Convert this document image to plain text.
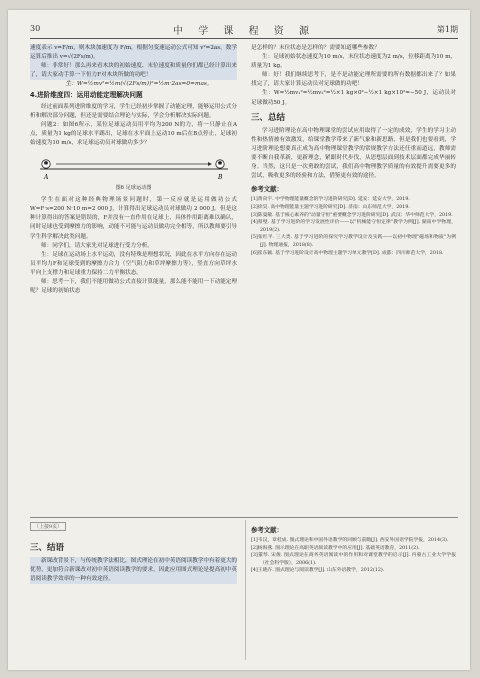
30	中 学 课 程 资 源	第1期

速度表示 v=F/m，则木块加速度为 F/m，根据匀变速运动公式可知 v²=2as，数学运算后推出 v=√(2Fs/m)。

师：非常好！那么再来看木块的初始速度、末位速度和质量你们都已经计算出来了，请大家动手算一下恒力F对木块所做的功吧！

生：W=½mv²=½m(√(2Fs/m))²=½m·2as=0=mas。

4.进阶维度四：运用动能定理解决问题

经过前面系列进阶维度的学习，学生已经初步掌握了动能定理，能够运用公式分析和解决部分问题，但还是需要结合理论与实际，学会分析解决实际问题。

问题2：如图6所示，某位足球运动员用平均为200 N的力，将一只静止在A点，质量为1 kg的足球水平踢出，足球在水平面上运动10 m后在B点停止，足球初始速度为10 m/s，求足球运动员对球做功多少？

A	B
图6 足球运动图

学生在面对这种经典物理场景问题时，第一反应就是运用做功公式 W=F·s=200 N·10 m=2 000 J，计算得出足球运动员对球做功 2 000 J。但是这种计算得出的答案是错误的，F并没有一直作用在足球上，具体作用距离难以确认，同时足球也受到摩擦力的影响，动能不可能与运动员做功完全相等，所以教师要引导学生科学解决此类问题。

师：同学们，请大家先对足球进行受力分析。

生：足球在运动场上水平运动，没有特殊是理想状况，因此在水平方向存在运动员平均力F和足球受到的摩擦力合力（空气阻力和草坪摩擦力等），竖直方向草坪水平向上支撑力和足球重力保持二力平衡状态。

师：思考一下，我们不能用做功公式直接计算能量，那么能不能用一下动能定理呢？足球的初始状态

是怎样的？末位状态是怎样的？需要知道哪些参数？

生：足球初始状态速度为10 m/s，末位状态速度为2 m/s，位移距离为10 m，质量为1 kg。

师：好！我们继续思考下，是不是动能定理所需要的所有数据都出来了？如果找完了，请大家计算运动员对足球做的功吧！

生：W=½mv₁²=½mv₂²=½×1 kg×0²−½×1 kg×10²=−50 J，运动员对足球做功50 J。

三、总结

学习进阶理论在高中物理课堂的尝试应用取得了一定的成效，学生的学习主动性和热情被有效激发，给课堂教学带来了新气象和新思路，但是我们也要看到，学习进阶理论想要真正成为高中物理课堂教学的常规教学方法还任重而道远，教师需要不断自我革新，更新理念，紧跟时代步伐，从思想层面到技术层面都完成华丽转身。当然，这只是一次勇敢的尝试，我们高中物理教学质量的有效提升需要更多的尝试，吸收更多的经验和方法，借鉴更有效的途径。

参考文献：
[1]黄向宇. 中学物理能量概念的学习进阶研究[D]. 延安：延安大学，2019.
[2]徐昊. 高中物理能量主题学习进阶研究[D]. 济南：山东师范大学，2019.
[3]陈曼敏. 基于核心素养的"动量守恒"重要概念学习进阶研究[D]. 武汉：华中师范大学，2019.
[4]蔡璧. 基于学习进阶的学习发展性评价——以"机械能守恒定律"教学为例[J]. 湖南中学物理，2019(2).
[5]张红平. 三大类. 基于学习进阶的探究学习教学设计及实践——以初中物理"磁场和物质"为例[J]. 物理通报，2018(8).
[6]崔东颖. 基于学习进阶设计高中物理主题学习单元教学[D]. 成都：四川师范大学，2018.
（上接9页）
三、结语

新课改背景下，与传统教学法相比，图式理论在初中英语阅读教学中有着更大的优势，更加符合新课改对初中英语阅读教学的要求，因此应用图式理论是提高初中英语阅读教学效率的一种有效途径。

参考文献：
[1]韦汉，章桂成. 图式理论和中国外语教学的回顾与前瞻[J]. 西安外国语学院学报，2014(3).
[2]杨海燕. 图示理论在高职英语阅读教学中的应用[J]. 基础英语教育，2011(2).
[3]董琴. 宋俊. 图式理论在商务英语阅读中的作用和对课堂教学的启示[J]. 内蒙古工业大学学报（社会科学版），2006(1).
[4]王晓卉. 图式理论与阅读教学[J]. 山东外语教学，2012(12).
